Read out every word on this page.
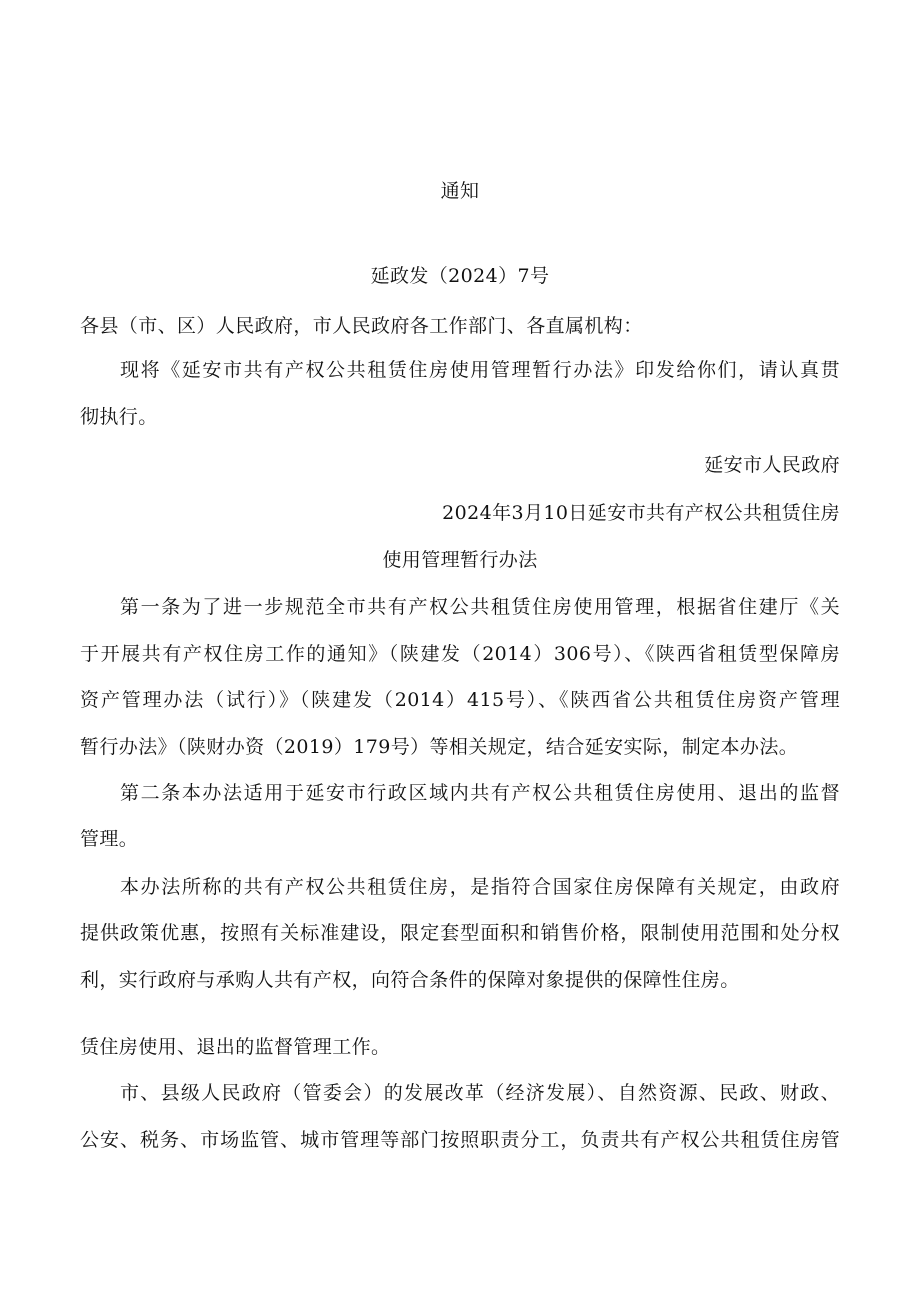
通知
延政发（2024）7号
各县（市、区）人民政府，市人民政府各工作部门、各直属机构：
现将《延安市共有产权公共租赁住房使用管理暂行办法》印发给你们，请认真贯
彻执行。
延安市人民政府
2024年3月10日延安市共有产权公共租赁住房
使用管理暂行办法
第一条为了进一步规范全市共有产权公共租赁住房使用管理，根据省住建厅《关
于开展共有产权住房工作的通知》（陕建发（2014）306号）、《陕西省租赁型保障房
资产管理办法（试行）》（陕建发（2014）415号）、《陕西省公共租赁住房资产管理
暂行办法》（陕财办资（2019）179号）等相关规定，结合延安实际，制定本办法。
第二条本办法适用于延安市行政区域内共有产权公共租赁住房使用、退出的监督
管理。
本办法所称的共有产权公共租赁住房，是指符合国家住房保障有关规定，由政府
提供政策优惠，按照有关标准建设，限定套型面积和销售价格，限制使用范围和处分权
利，实行政府与承购人共有产权，向符合条件的保障对象提供的保障性住房。
赁住房使用、退出的监督管理工作。
市、县级人民政府（管委会）的发展改革（经济发展）、自然资源、民政、财政、
公安、税务、市场监管、城市管理等部门按照职责分工，负责共有产权公共租赁住房管
